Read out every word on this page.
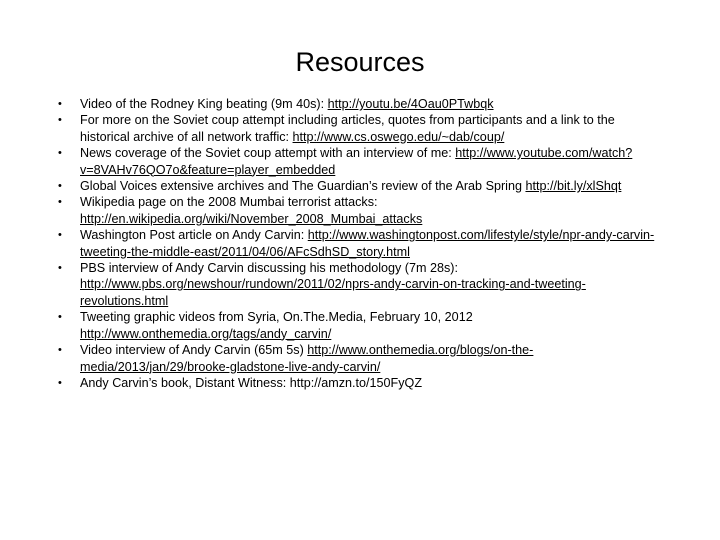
Resources
• Video of the Rodney King beating (9m 40s): http://youtu.be/4Oau0PTwbqk
• For more on the Soviet coup attempt including articles, quotes from participants and a link to the historical archive of all network traffic: http://www.cs.oswego.edu/~dab/coup/
• News coverage of the Soviet coup attempt with an interview of me: http://www.youtube.com/watch?v=8VAHv76QO7o&feature=player_embedded
• Global Voices extensive archives and The Guardian’s review of the Arab Spring http://bit.ly/xlShqt
• Wikipedia page on the 2008 Mumbai terrorist attacks: http://en.wikipedia.org/wiki/November_2008_Mumbai_attacks
• Washington Post article on Andy Carvin: http://www.washingtonpost.com/lifestyle/style/npr-andy-carvin-tweeting-the-middle-east/2011/04/06/AFcSdhSD_story.html
• PBS interview of Andy Carvin discussing his methodology (7m 28s): http://www.pbs.org/newshour/rundown/2011/02/nprs-andy-carvin-on-tracking-and-tweeting-revolutions.html
• Tweeting graphic videos from Syria, On.The.Media, February 10, 2012 http://www.onthemedia.org/tags/andy_carvin/
• Video interview of Andy Carvin (65m 5s) http://www.onthemedia.org/blogs/on-the-media/2013/jan/29/brooke-gladstone-live-andy-carvin/
• Andy Carvin’s book, Distant Witness: http://amzn.to/150FyQZ
